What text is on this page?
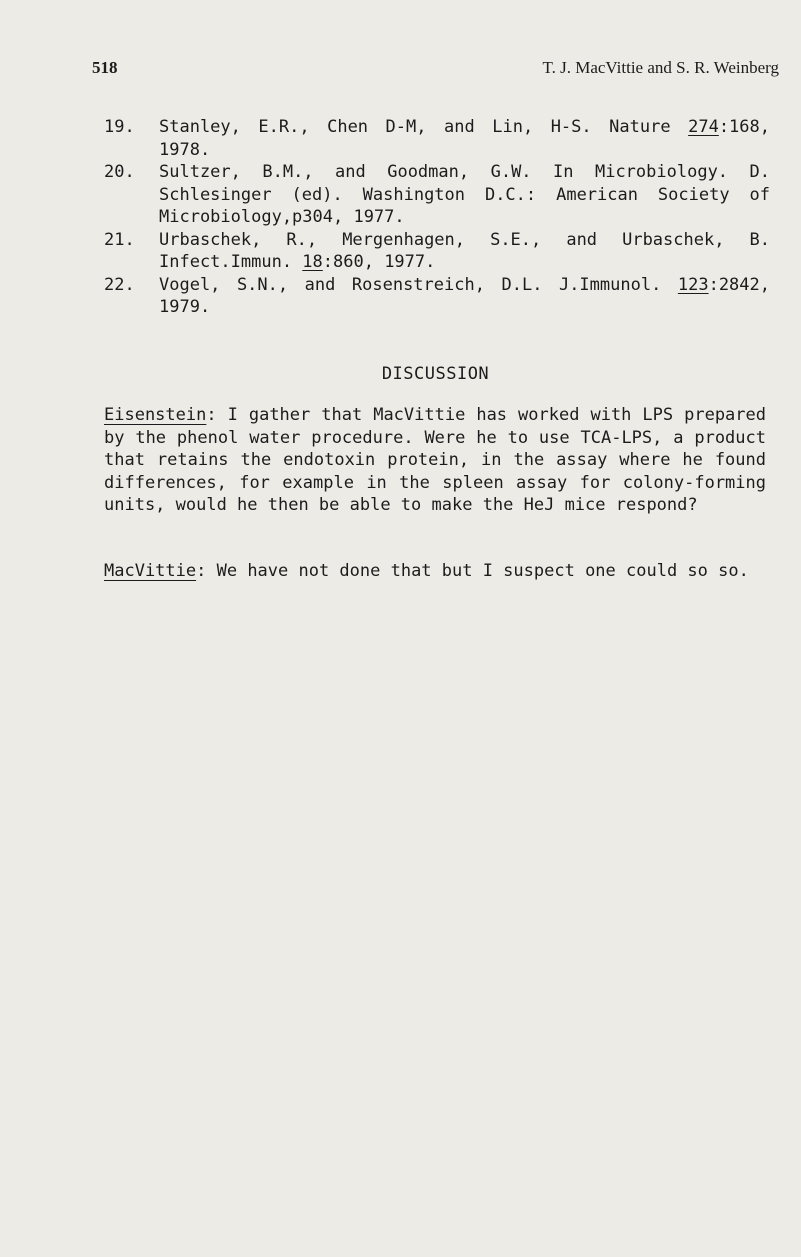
518	T. J. MacVittie and S. R. Weinberg
19.	Stanley, E.R., Chen D-M, and Lin, H-S. Nature 274:168, 1978.
20.	Sultzer, B.M., and Goodman, G.W. In Microbiology. D. Schlesinger (ed). Washington D.C.: American Society of Microbiology,p304, 1977.
21.	Urbaschek, R., Mergenhagen, S.E., and Urbaschek, B. Infect.Immun. 18:860, 1977.
22.	Vogel, S.N., and Rosenstreich, D.L. J.Immunol. 123:2842, 1979.
DISCUSSION

Eisenstein: I gather that MacVittie has worked with LPS prepared by the phenol water procedure. Were he to use TCA-LPS, a product that retains the endotoxin protein, in the assay where he found differences, for example in the spleen assay for colony-forming units, would he then be able to make the HeJ mice respond?

MacVittie: We have not done that but I suspect one could so so.
